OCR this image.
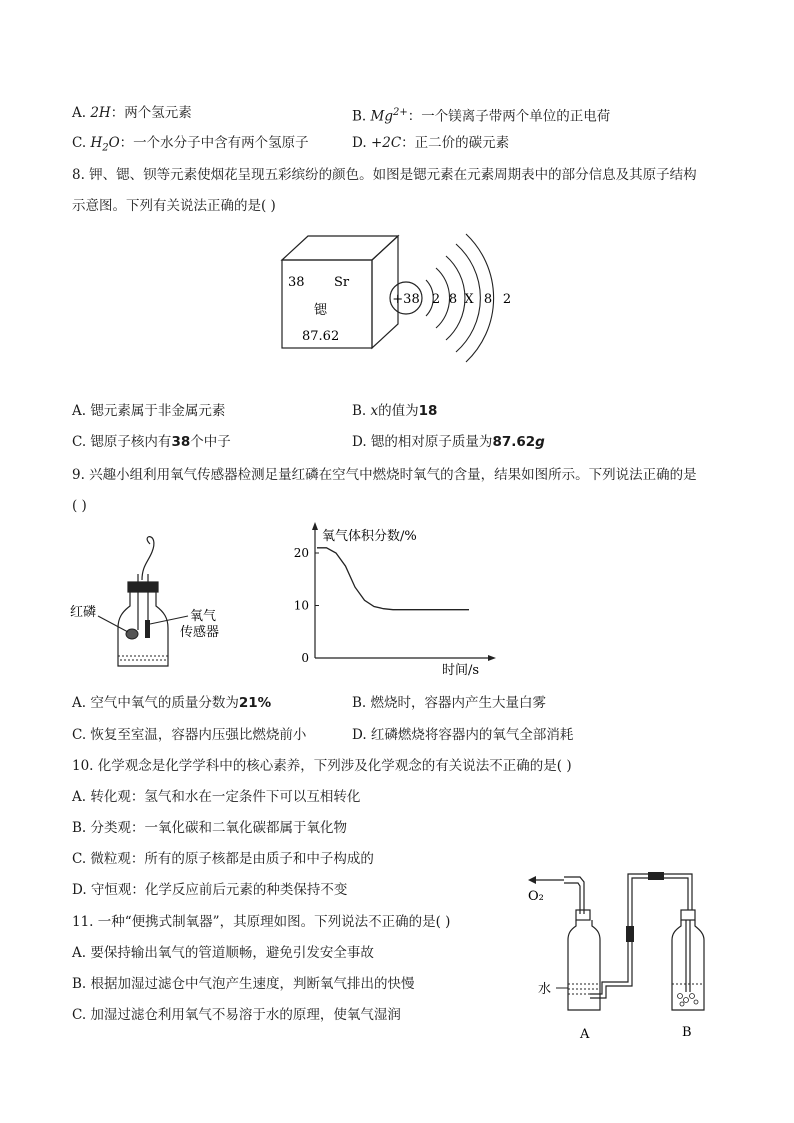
A. 2H：两个氢元素	B. $Mg^{2+}$：一个镁离子带两个单位的正电荷
C. $H_2O$：一个水分子中含有两个氢原子	D. +2C：正二价的碳元素
8. 钾、锶、钡等元素使烟花呈现五彩缤纷的颜色。如图是锶元素在元素周期表中的部分信息及其原子结构
示意图。下列有关说法正确的是( )
38 Sr
锶
87.62
+38 2 8 X 8 2
A. 锶元素属于非金属元素	B. x的值为18
C. 锶原子核内有38个中子	D. 锶的相对原子质量为87.62g
9. 兴趣小组利用氧气传感器检测足量红磷在空气中燃烧时氧气的含量，结果如图所示。下列说法正确的是
( )
红磷	氧气
传感器
氧气体积分数/%
时间/s
0
10
20
A. 空气中氧气的质量分数为21%	B. 燃烧时，容器内产生大量白雾
C. 恢复至室温，容器内压强比燃烧前小	D. 红磷燃烧将容器内的氧气全部消耗
10. 化学观念是化学学科中的核心素养，下列涉及化学观念的有关说法不正确的是( )
A. 转化观：氢气和水在一定条件下可以互相转化
B. 分类观：一氧化碳和二氧化碳都属于氧化物
C. 微粒观：所有的原子核都是由质子和中子构成的
D. 守恒观：化学反应前后元素的种类保持不变
11. 一种“便携式制氧器”，其原理如图。下列说法不正确的是( )
A. 要保持输出氧气的管道顺畅，避免引发安全事故
B. 根据加湿过滤仓中气泡产生速度，判断氧气排出的快慢
C. 加湿过滤仓利用氧气不易溶于水的原理，使氧气湿润
O₂
水
A	B
